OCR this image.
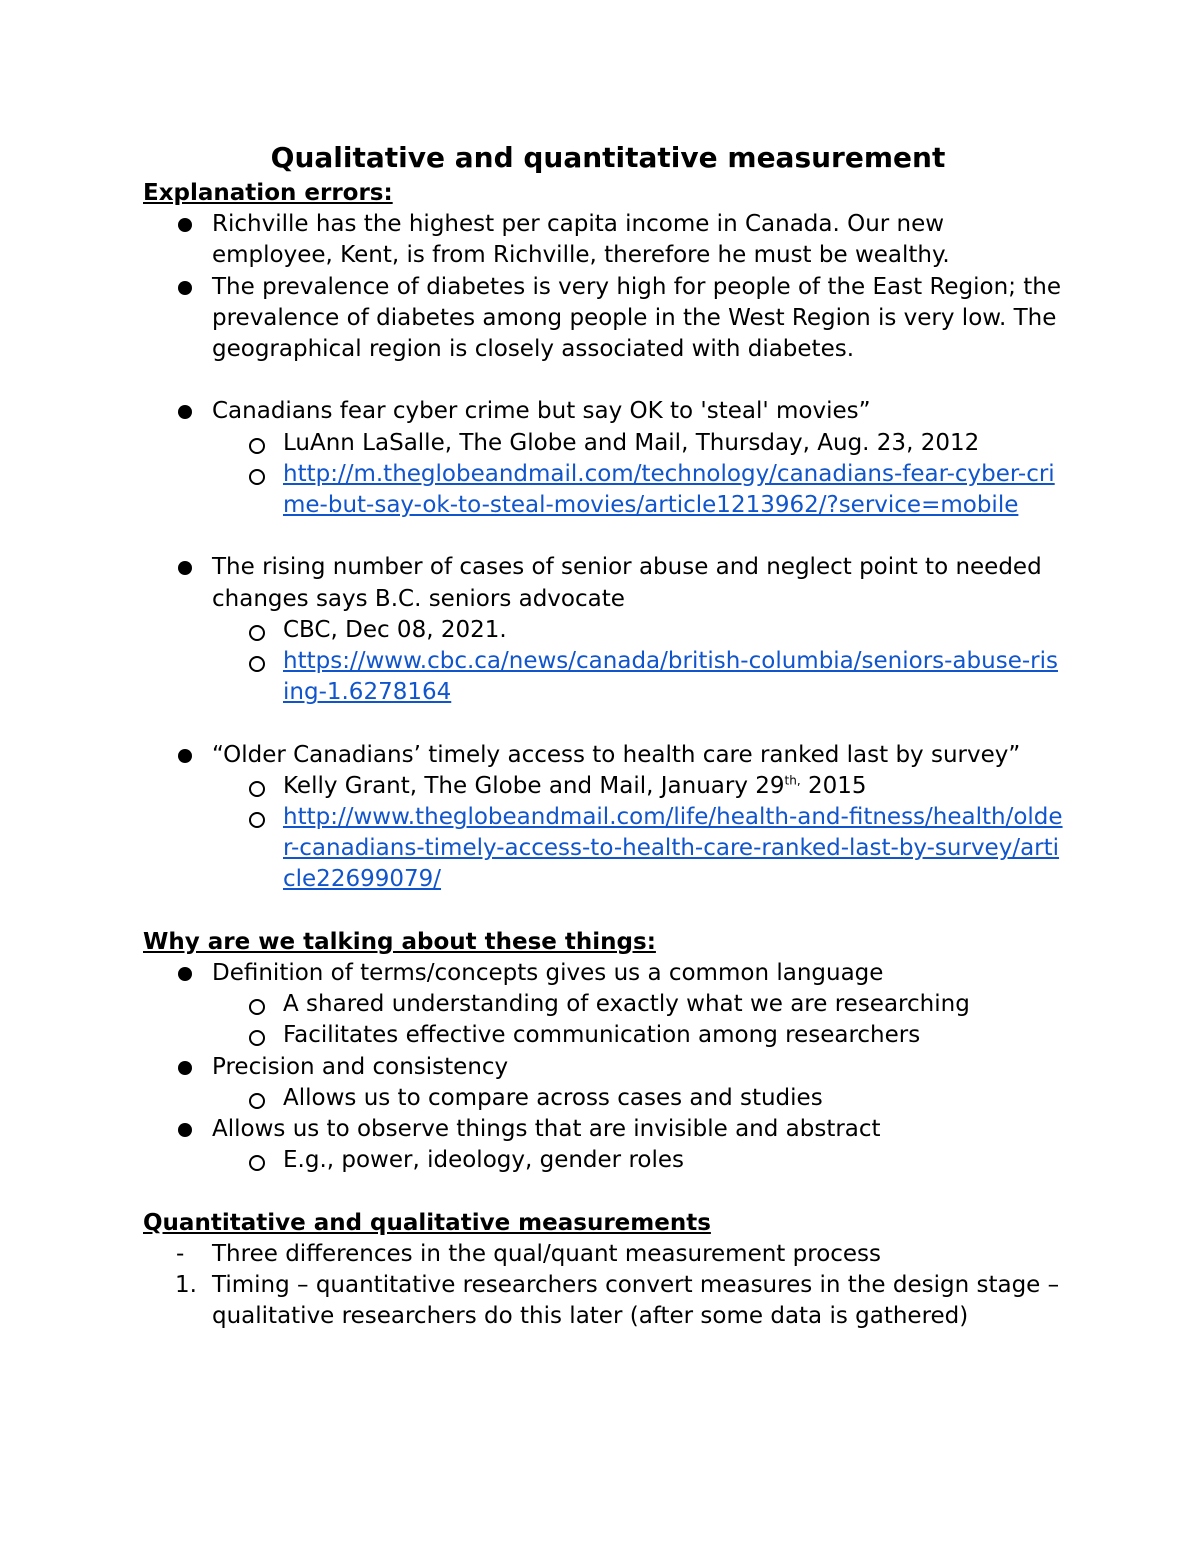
Qualitative and quantitative measurement
Explanation errors:
Richville has the highest per capita income in Canada. Our new employee, Kent, is from Richville, therefore he must be wealthy.
The prevalence of diabetes is very high for people of the East Region; the prevalence of diabetes among people in the West Region is very low. The geographical region is closely associated with diabetes.
Canadians fear cyber crime but say OK to 'steal' movies”
LuAnn LaSalle, The Globe and Mail, Thursday, Aug. 23, 2012
http://m.theglobeandmail.com/technology/canadians-fear-cyber-crime-but-say-ok-to-steal-movies/article1213962/?service=mobile
The rising number of cases of senior abuse and neglect point to needed changes says B.C. seniors advocate
CBC, Dec 08, 2021.
https://www.cbc.ca/news/canada/british-columbia/seniors-abuse-rising-1.6278164
“Older Canadians’ timely access to health care ranked last by survey”
Kelly Grant, The Globe and Mail, January $29^{th,}$ 2015
http://www.theglobeandmail.com/life/health-and-fitness/health/older-canadians-timely-access-to-health-care-ranked-last-by-survey/article22699079/
Why are we talking about these things:
Definition of terms/concepts gives us a common language
A shared understanding of exactly what we are researching
Facilitates effective communication among researchers
Precision and consistency
Allows us to compare across cases and studies
Allows us to observe things that are invisible and abstract
E.g., power, ideology, gender roles
Quantitative and qualitative measurements
- Three differences in the qual/quant measurement process
1. Timing – quantitative researchers convert measures in the design stage – qualitative researchers do this later (after some data is gathered)
